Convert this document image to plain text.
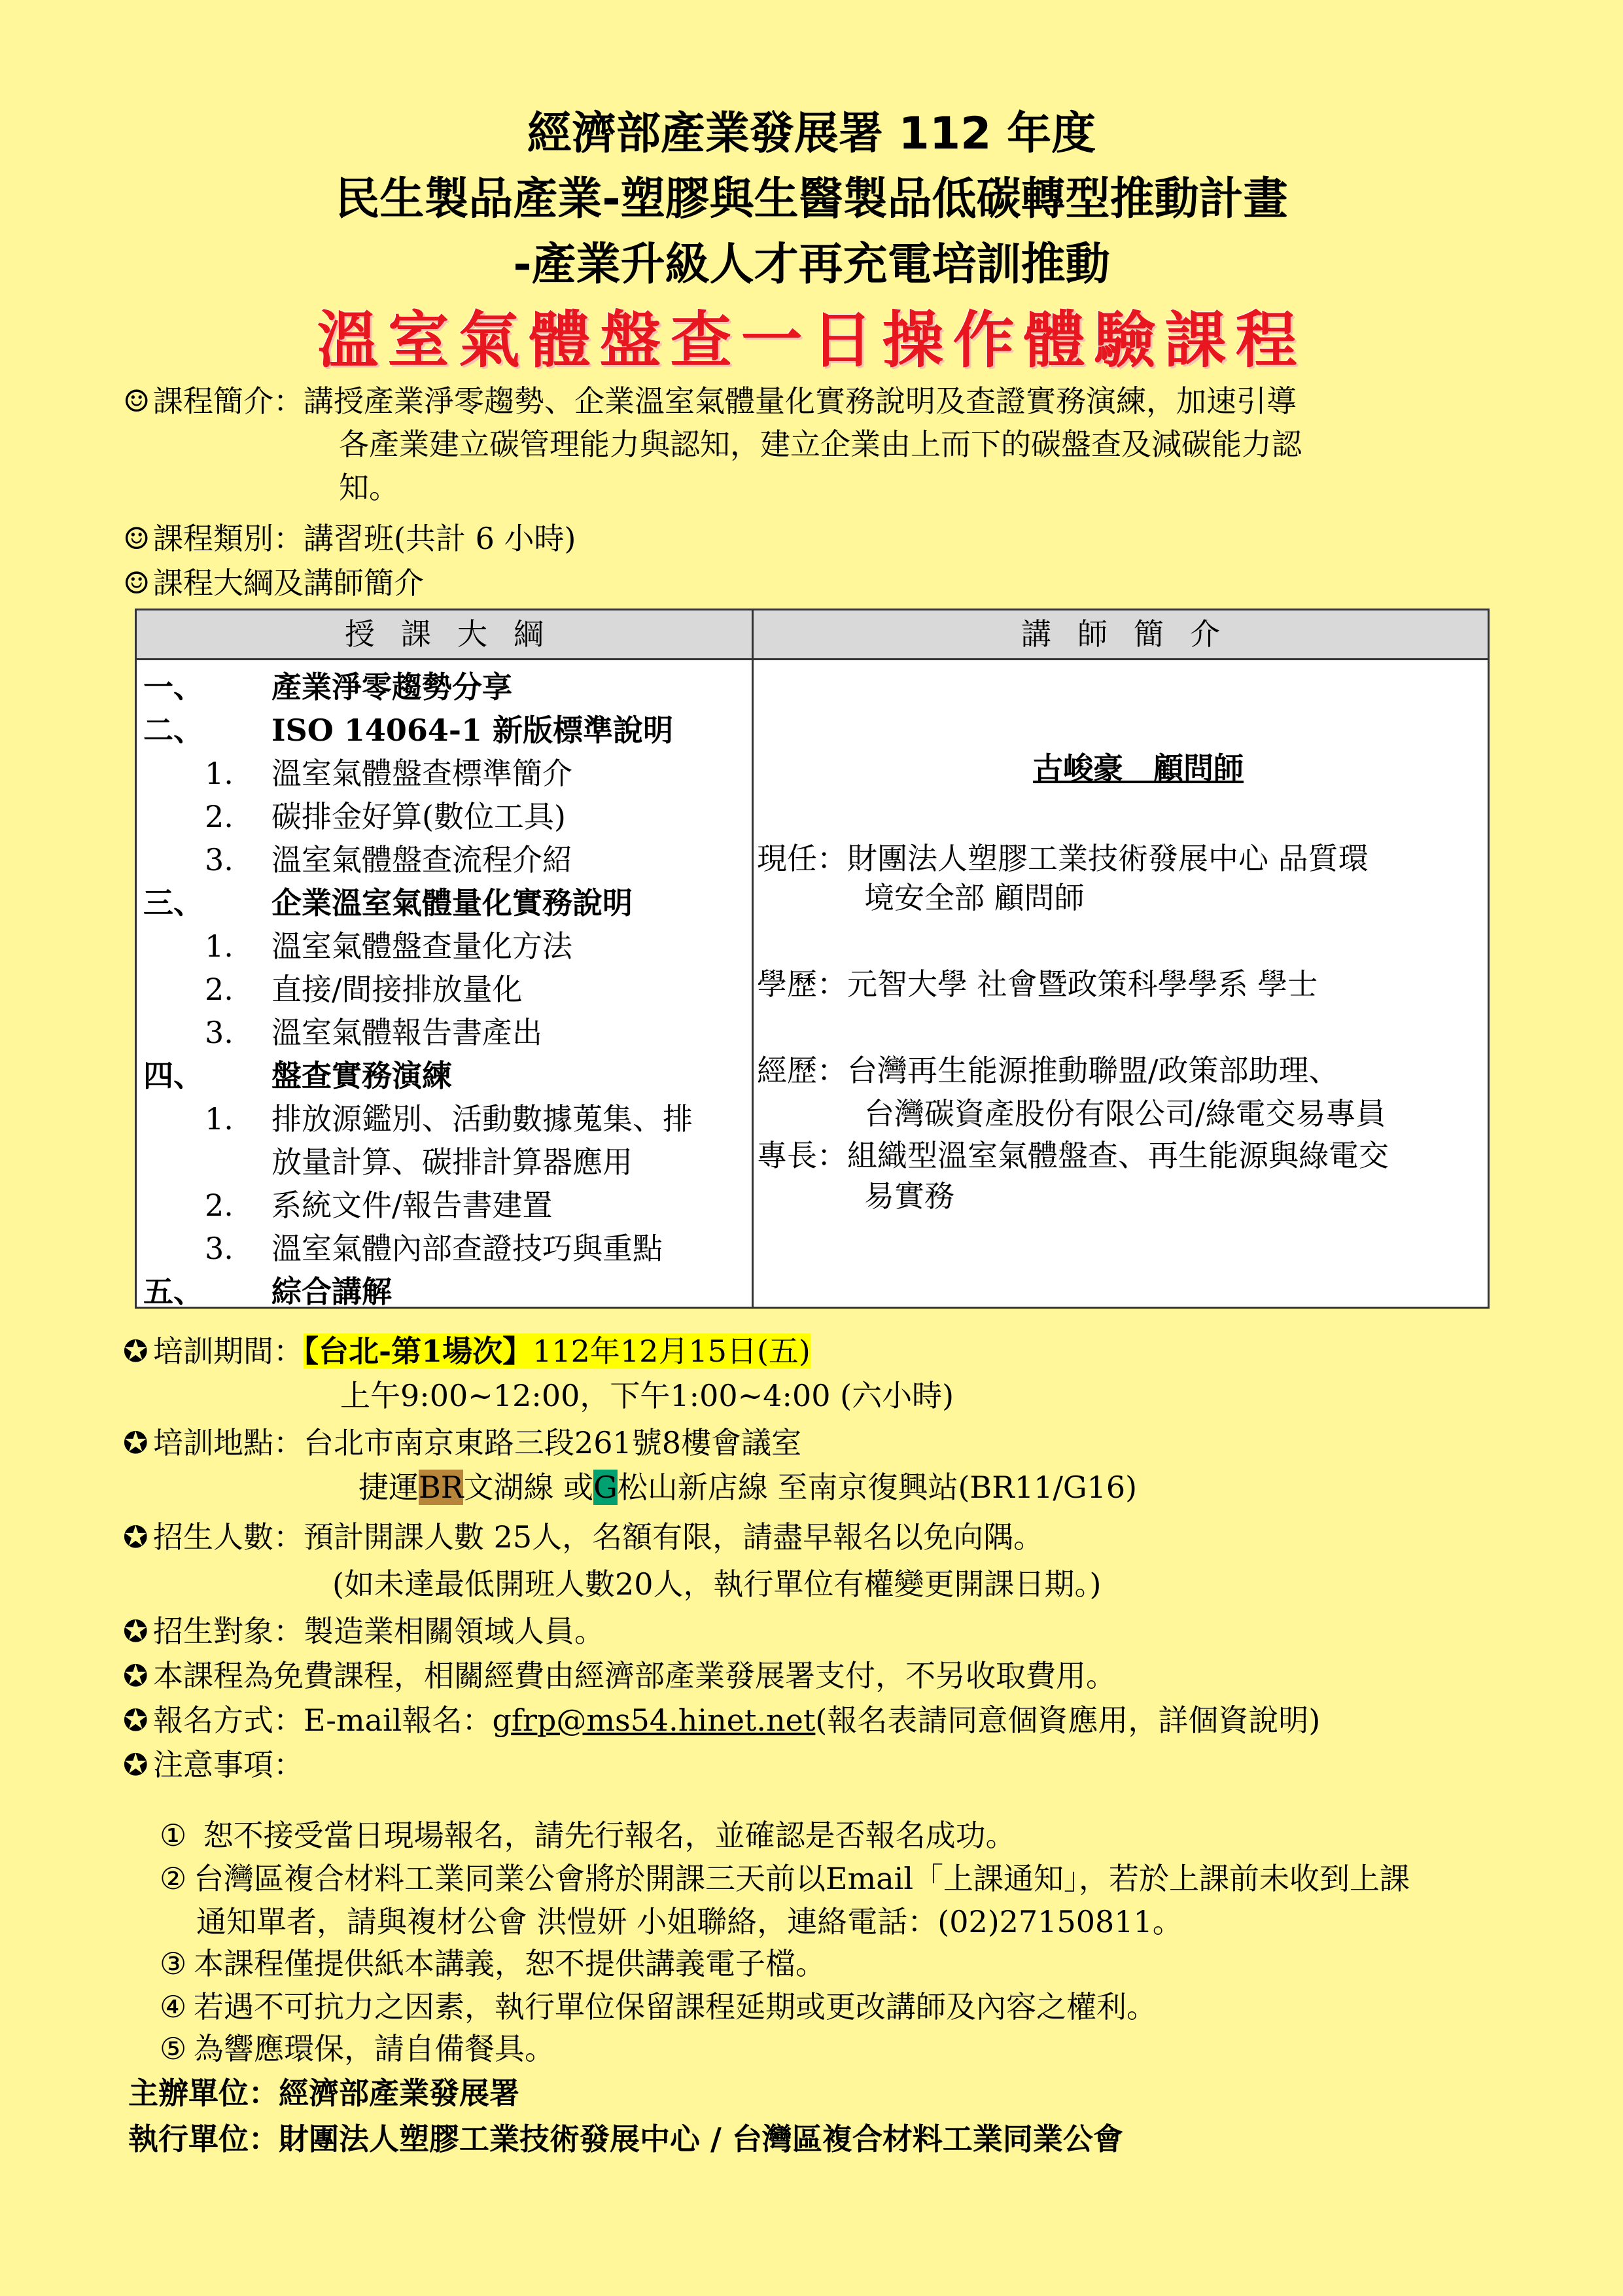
經濟部產業發展署 112 年度
民生製品產業-塑膠與生醫製品低碳轉型推動計畫
-產業升級人才再充電培訓推動
溫室氣體盤查一日操作體驗課程
☺ 課程簡介：講授產業淨零趨勢、企業溫室氣體量化實務說明及查證實務演練，加速引導
各產業建立碳管理能力與認知，建立企業由上而下的碳盤查及減碳能力認
知。
☺ 課程類別：講習班(共計 6 小時)
☺ 課程大綱及講師簡介
授課大綱	講師簡介
一、 產業淨零趨勢分享
二、 ISO 14064-1 新版標準說明
1. 溫室氣體盤查標準簡介
2. 碳排金好算(數位工具)
3. 溫室氣體盤查流程介紹
三、 企業溫室氣體量化實務說明
1. 溫室氣體盤查量化方法
2. 直接/間接排放量化
3. 溫室氣體報告書產出
四、 盤查實務演練
1. 排放源鑑別、活動數據蒐集、排
放量計算、碳排計算器應用
2. 系統文件/報告書建置
3. 溫室氣體內部查證技巧與重點
五、 綜合講解
古峻豪　顧問師
現任：財團法人塑膠工業技術發展中心 品質環
境安全部 顧問師
學歷：元智大學 社會暨政策科學學系 學士
經歷：台灣再生能源推動聯盟/政策部助理、
台灣碳資產股份有限公司/綠電交易專員
專長：組織型溫室氣體盤查、再生能源與綠電交
易實務
✪ 培訓期間：【台北-第1場次】112年12月15日(五)
上午9:00~12:00，下午1:00~4:00 (六小時)
✪ 培訓地點：台北市南京東路三段261號8樓會議室
捷運BR文湖線 或G松山新店線 至南京復興站(BR11/G16)
✪ 招生人數：預計開課人數 25人，名額有限，請盡早報名以免向隅。
(如未達最低開班人數20人，執行單位有權變更開課日期。)
✪ 招生對象：製造業相關領域人員。
✪ 本課程為免費課程，相關經費由經濟部產業發展署支付，不另收取費用。
✪ 報名方式：E-mail報名：gfrp@ms54.hinet.net(報名表請同意個資應用，詳個資說明)
✪ 注意事項：
① 恕不接受當日現場報名，請先行報名，並確認是否報名成功。
② 台灣區複合材料工業同業公會將於開課三天前以Email「上課通知」，若於上課前未收到上課
通知單者，請與複材公會 洪愷妍 小姐聯絡，連絡電話：(02)27150811。
③ 本課程僅提供紙本講義，恕不提供講義電子檔。
④ 若遇不可抗力之因素，執行單位保留課程延期或更改講師及內容之權利。
⑤ 為響應環保，請自備餐具。
主辦單位：經濟部產業發展署
執行單位：財團法人塑膠工業技術發展中心 / 台灣區複合材料工業同業公會
